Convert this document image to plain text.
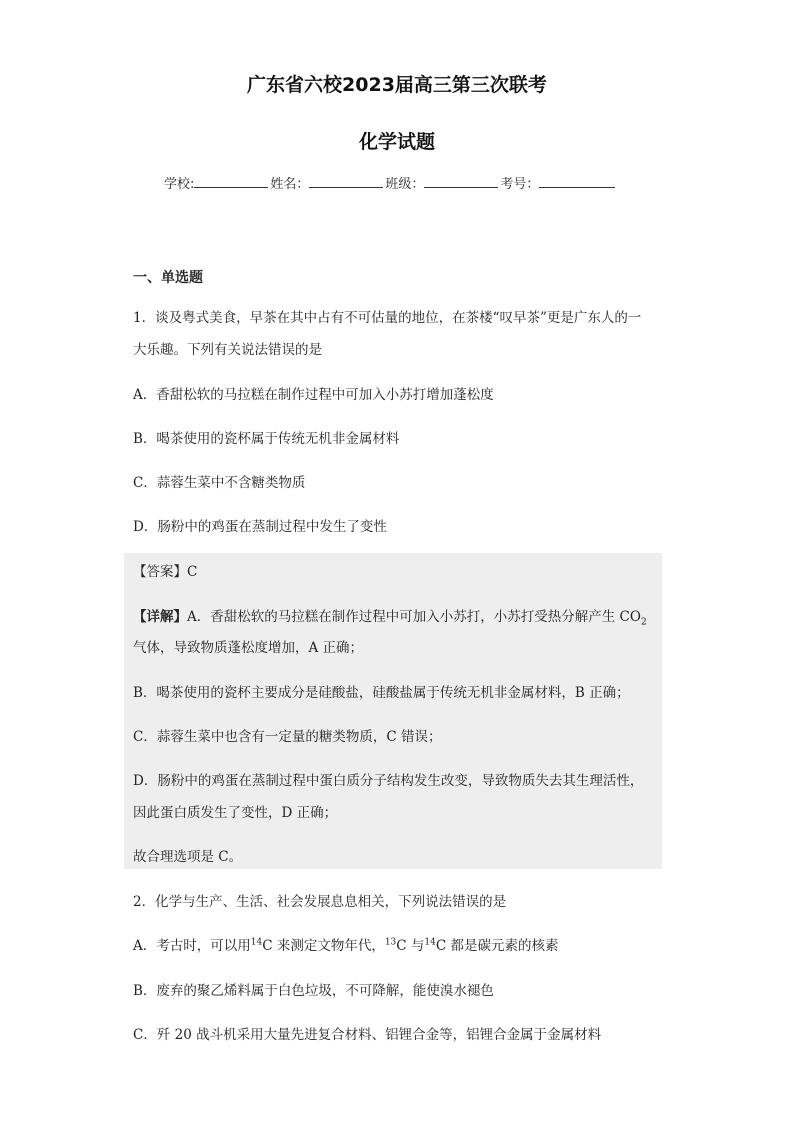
广东省六校2023届高三第三次联考
化学试题
学校:	姓名：	班级：	考号：
一、单选题
1．谈及粤式美食，早茶在其中占有不可估量的地位，在茶楼“叹早茶”更是广东人的一
大乐趣。下列有关说法错误的是
A．香甜松软的马拉糕在制作过程中可加入小苏打增加蓬松度
B．喝茶使用的瓷杯属于传统无机非金属材料
C．蒜蓉生菜中不含糖类物质
D．肠粉中的鸡蛋在蒸制过程中发生了变性
【答案】C
【详解】A．香甜松软的马拉糕在制作过程中可加入小苏打，小苏打受热分解产生 $CO_2$
气体，导致物质蓬松度增加，A 正确；
B．喝茶使用的瓷杯主要成分是硅酸盐，硅酸盐属于传统无机非金属材料，B 正确；
C．蒜蓉生菜中也含有一定量的糖类物质，C 错误；
D．肠粉中的鸡蛋在蒸制过程中蛋白质分子结构发生改变，导致物质失去其生理活性，
因此蛋白质发生了变性，D 正确；
故合理选项是 C。
2．化学与生产、生活、社会发展息息相关，下列说法错误的是
A．考古时，可以用$^{14}$C 来测定文物年代，$^{13}$C 与$^{14}$C 都是碳元素的核素
B．废弃的聚乙烯料属于白色垃圾，不可降解，能使溴水褪色
C．歼 20 战斗机采用大量先进复合材料、铝锂合金等，铝锂合金属于金属材料
